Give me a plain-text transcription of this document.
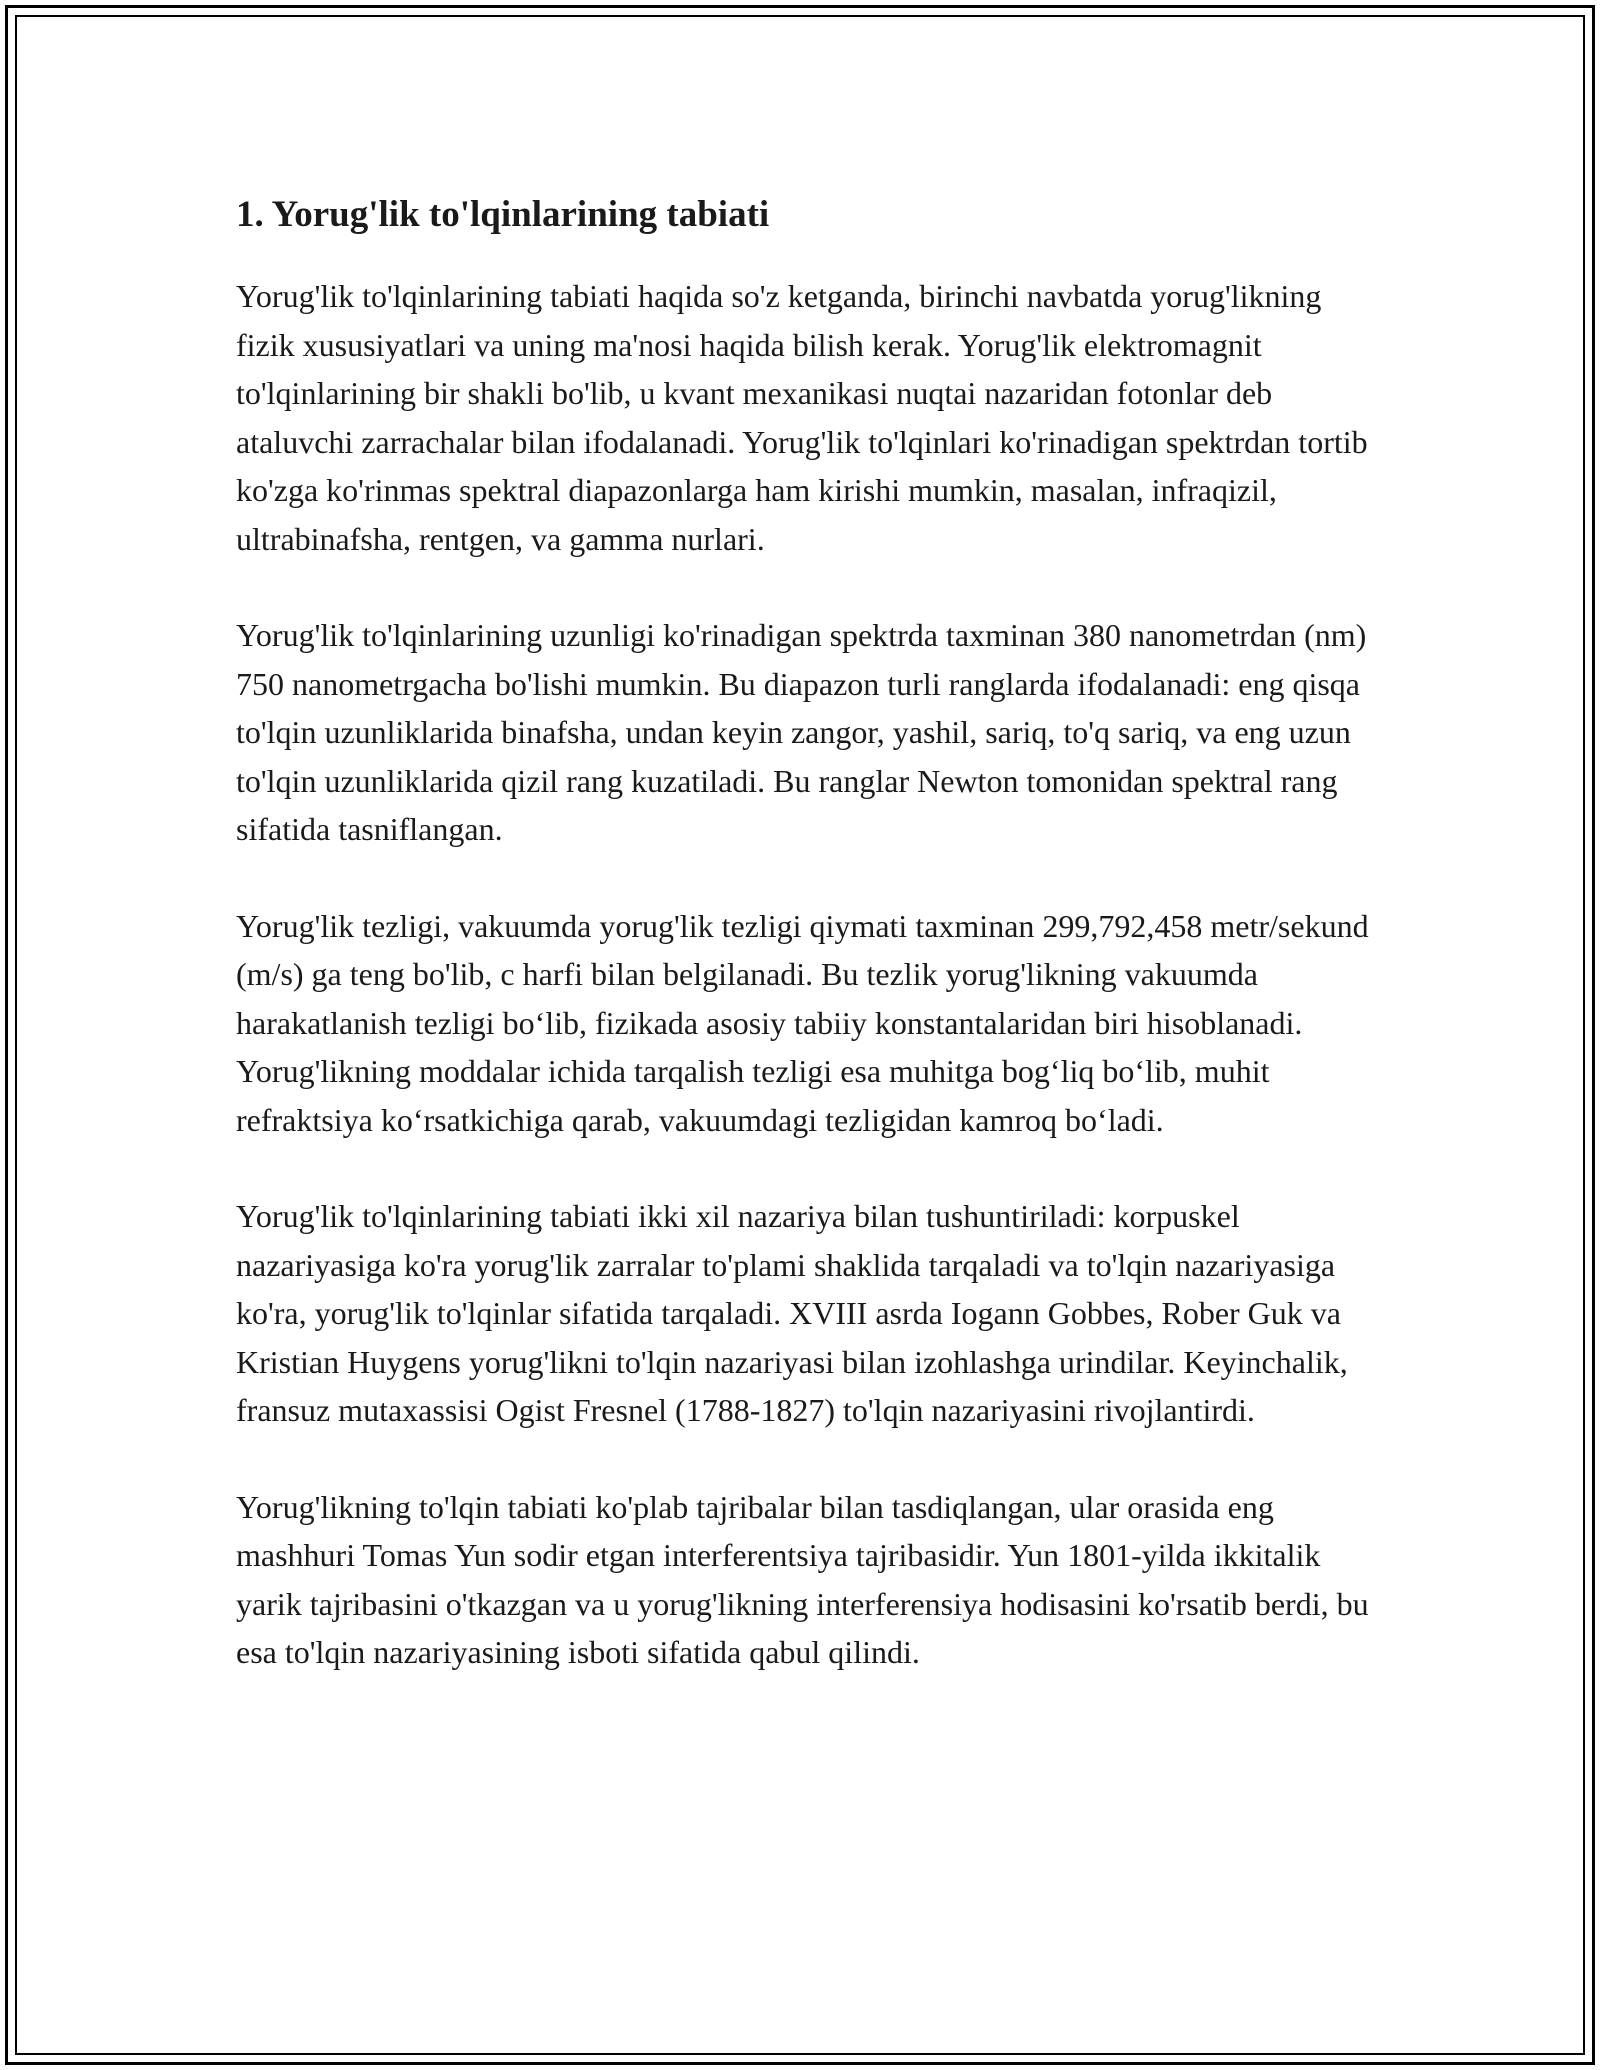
1. Yorug'lik to'lqinlarining tabiati

Yorug'lik to'lqinlarining tabiati haqida so'z ketganda, birinchi navbatda yorug'likning fizik xususiyatlari va uning ma'nosi haqida bilish kerak. Yorug'lik elektromagnit to'lqinlarining bir shakli bo'lib, u kvant mexanikasi nuqtai nazaridan fotonlar deb ataluvchi zarrachalar bilan ifodalanadi. Yorug'lik to'lqinlari ko'rinadigan spektrdan tortib ko'zga ko'rinmas spektral diapazonlarga ham kirishi mumkin, masalan, infraqizil, ultrabinafsha, rentgen, va gamma nurlari.

Yorug'lik to'lqinlarining uzunligi ko'rinadigan spektrda taxminan 380 nanometrdan (nm) 750 nanometrgacha bo'lishi mumkin. Bu diapazon turli ranglarda ifodalanadi: eng qisqa to'lqin uzunliklarida binafsha, undan keyin zangor, yashil, sariq, to'q sariq, va eng uzun to'lqin uzunliklarida qizil rang kuzatiladi. Bu ranglar Newton tomonidan spektral rang sifatida tasniflangan.

Yorug'lik tezligi, vakuumda yorug'lik tezligi qiymati taxminan 299,792,458 metr/sekund (m/s) ga teng bo'lib, c harfi bilan belgilanadi. Bu tezlik yorug'likning vakuumda harakatlanish tezligi bo‘lib, fizikada asosiy tabiiy konstantalaridan biri hisoblanadi. Yorug'likning moddalar ichida tarqalish tezligi esa muhitga bog‘liq bo‘lib, muhit refraktsiya ko‘rsatkichiga qarab, vakuumdagi tezligidan kamroq bo‘ladi.

Yorug'lik to'lqinlarining tabiati ikki xil nazariya bilan tushuntiriladi: korpuskel nazariyasiga ko'ra yorug'lik zarralar to'plami shaklida tarqaladi va to'lqin nazariyasiga ko'ra, yorug'lik to'lqinlar sifatida tarqaladi. XVIII asrda Iogann Gobbes, Rober Guk va Kristian Huygens yorug'likni to'lqin nazariyasi bilan izohlashga urindilar. Keyinchalik, fransuz mutaxassisi Ogist Fresnel (1788-1827) to'lqin nazariyasini rivojlantirdi.

Yorug'likning to'lqin tabiati ko'plab tajribalar bilan tasdiqlangan, ular orasida eng mashhuri Tomas Yun sodir etgan interferentsiya tajribasidir. Yun 1801-yilda ikkitalik yarik tajribasini o'tkazgan va u yorug'likning interferensiya hodisasini ko'rsatib berdi, bu esa to'lqin nazariyasining isboti sifatida qabul qilindi.
